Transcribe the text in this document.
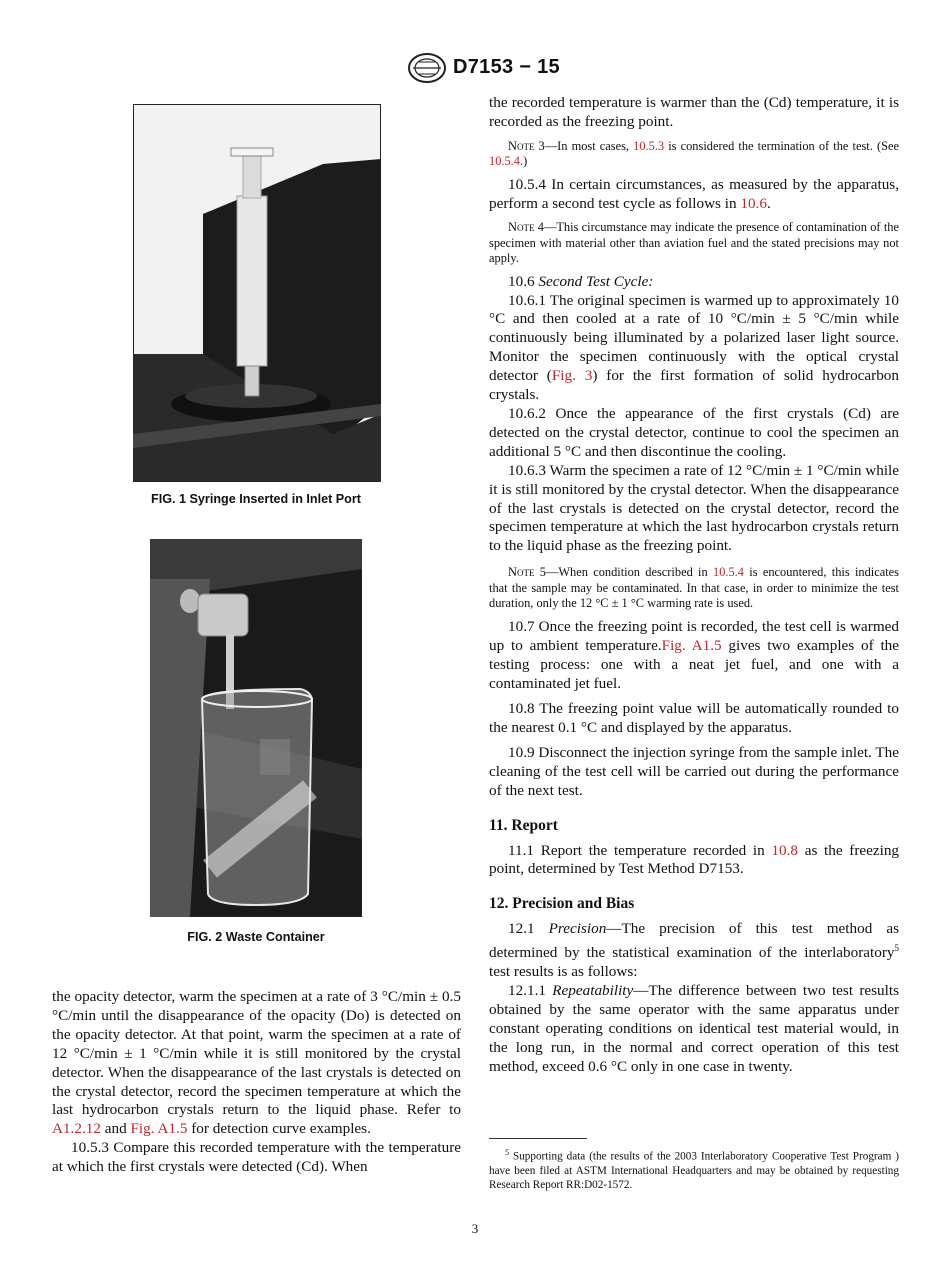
D7153 − 15
FIG. 1 Syringe Inserted in Inlet Port
FIG. 2 Waste Container

the opacity detector, warm the specimen at a rate of 3 °C/min ± 0.5 °C/min until the disappearance of the opacity (Do) is detected on the opacity detector. At that point, warm the specimen at a rate of 12 °C/min ± 1 °C/min while it is still monitored by the crystal detector. When the disappearance of the last crystals is detected on the crystal detector, record the specimen temperature at which the last hydrocarbon crystals return to the liquid phase. Refer to A1.2.12 and Fig. A1.5 for detection curve examples.

10.5.3 Compare this recorded temperature with the temperature at which the first crystals were detected (Cd). When

the recorded temperature is warmer than the (Cd) temperature, it is recorded as the freezing point.

Note 3—In most cases, 10.5.3 is considered the termination of the test. (See 10.5.4.)

10.5.4 In certain circumstances, as measured by the apparatus, perform a second test cycle as follows in 10.6.

Note 4—This circumstance may indicate the presence of contamination of the specimen with material other than aviation fuel and the stated precisions may not apply.

10.6 Second Test Cycle:

10.6.1 The original specimen is warmed up to approximately 10 °C and then cooled at a rate of 10 °C/min ± 5 °C/min while continuously being illuminated by a polarized laser light source. Monitor the specimen continuously with the optical crystal detector (Fig. 3) for the first formation of solid hydrocarbon crystals.

10.6.2 Once the appearance of the first crystals (Cd) are detected on the crystal detector, continue to cool the specimen an additional 5 °C and then discontinue the cooling.

10.6.3 Warm the specimen a rate of 12 °C/min ± 1 °C/min while it is still monitored by the crystal detector. When the disappearance of the last crystals is detected on the crystal detector, record the specimen temperature at which the last hydrocarbon crystals return to the liquid phase as the freezing point.

Note 5—When condition described in 10.5.4 is encountered, this indicates that the sample may be contaminated. In that case, in order to minimize the test duration, only the 12 °C ± 1 °C warming rate is used.

10.7 Once the freezing point is recorded, the test cell is warmed up to ambient temperature.Fig. A1.5 gives two examples of the testing process: one with a neat jet fuel, and one with a contaminated jet fuel.

10.8 The freezing point value will be automatically rounded to the nearest 0.1 °C and displayed by the apparatus.

10.9 Disconnect the injection syringe from the sample inlet. The cleaning of the test cell will be carried out during the performance of the next test.

11. Report

11.1 Report the temperature recorded in 10.8 as the freezing point, determined by Test Method D7153.

12. Precision and Bias

12.1 Precision—The precision of this test method as determined by the statistical examination of the interlaboratory$^5$ test results is as follows:

12.1.1 Repeatability—The difference between two test results obtained by the same operator with the same apparatus under constant operating conditions on identical test material would, in the long run, in the normal and correct operation of this test method, exceed 0.6 °C only in one case in twenty.

$^5$ Supporting data (the results of the 2003 Interlaboratory Cooperative Test Program ) have been filed at ASTM International Headquarters and may be obtained by requesting Research Report RR:D02-1572.
3
